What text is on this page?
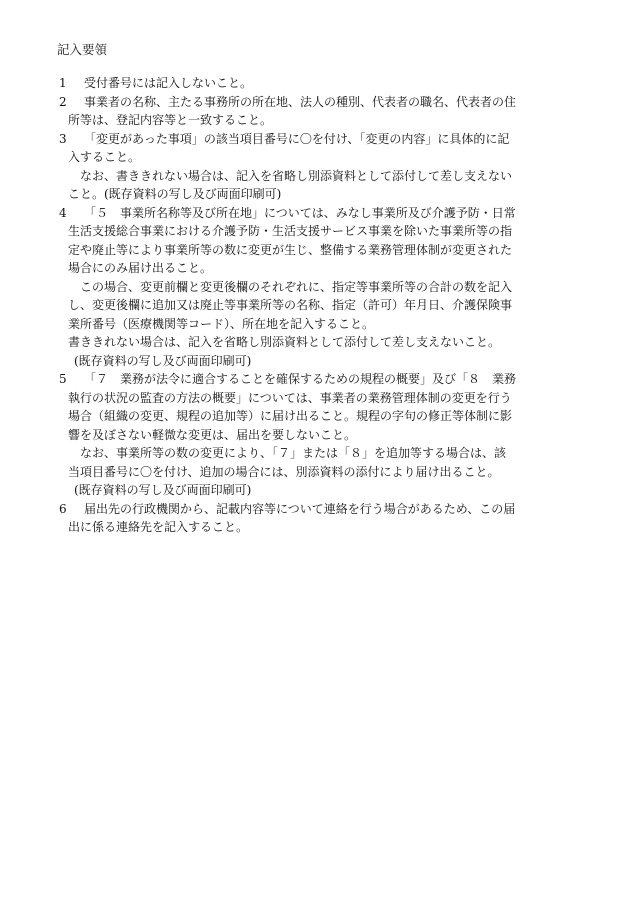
記入要領
1 受付番号には記入しないこと。
2 事業者の名称、主たる事務所の所在地、法人の種別、代表者の職名、代表者の住
所等は、登記内容等と一致すること。
3 「変更があった事項」の該当項目番号に〇を付け、「変更の内容」に具体的に記
入すること。
なお、書ききれない場合は、記入を省略し別添資料として添付して差し支えない
こと。(既存資料の写し及び両面印刷可)
4 「５　事業所名称等及び所在地」については、みなし事業所及び介護予防・日常
生活支援総合事業における介護予防・生活支援サービス事業を除いた事業所等の指
定や廃止等により事業所等の数に変更が生じ、整備する業務管理体制が変更された
場合にのみ届け出ること。
この場合、変更前欄と変更後欄のそれぞれに、指定等事業所等の合計の数を記入
し、変更後欄に追加又は廃止等事業所等の名称、指定（許可）年月日、介護保険事
業所番号（医療機関等コード）、所在地を記入すること。
書ききれない場合は、記入を省略し別添資料として添付して差し支えないこと。
(既存資料の写し及び両面印刷可)
5 「７　業務が法令に適合することを確保するための規程の概要」及び「８　業務
執行の状況の監査の方法の概要」については、事業者の業務管理体制の変更を行う
場合（組織の変更、規程の追加等）に届け出ること。規程の字句の修正等体制に影
響を及ぼさない軽微な変更は、届出を要しないこと。
なお、事業所等の数の変更により、「７」または「８」を追加等する場合は、該
当項目番号に〇を付け、追加の場合には、別添資料の添付により届け出ること。
(既存資料の写し及び両面印刷可)
6 届出先の行政機関から、記載内容等について連絡を行う場合があるため、この届
出に係る連絡先を記入すること。
